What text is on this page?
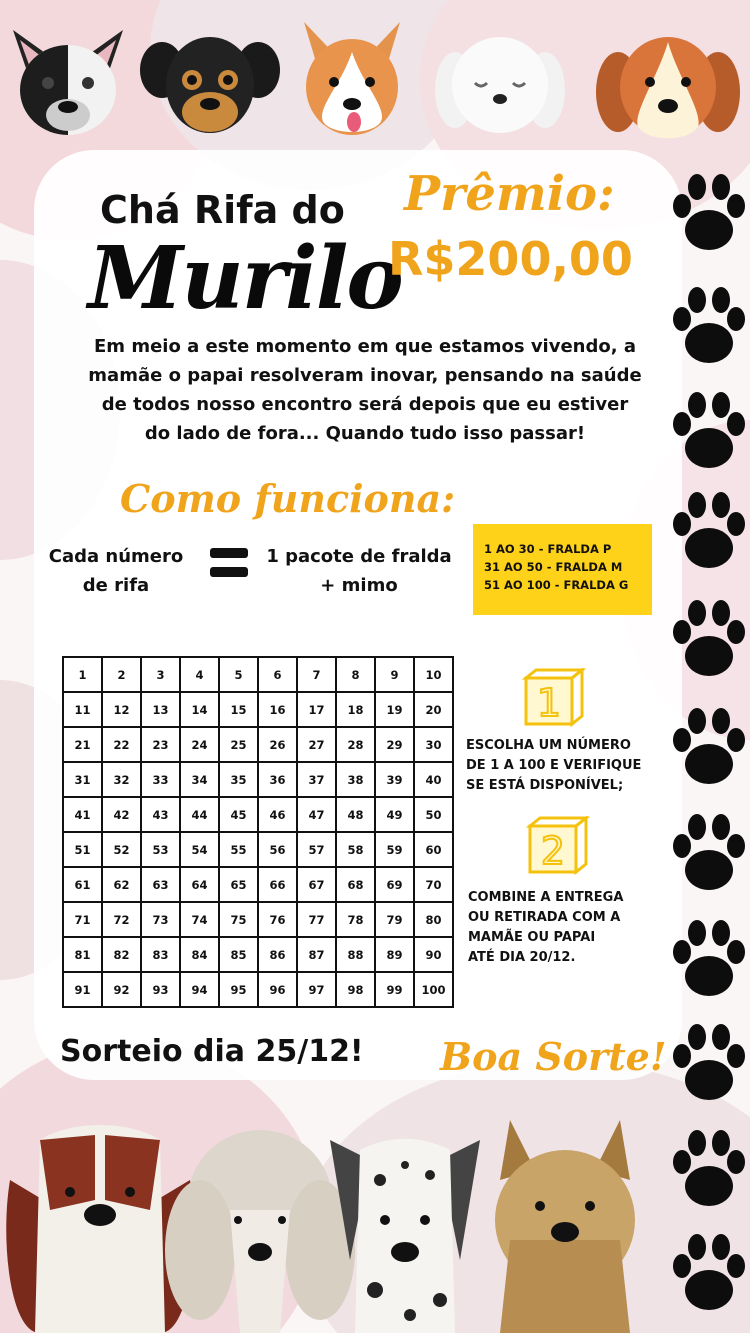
Chá Rifa do
Murilo
Prêmio:
R$200,00
Em meio a este momento em que estamos vivendo, a
mamãe o papai resolveram inovar, pensando na saúde
de todos nosso encontro será depois que eu estiver
do lado de fora... Quando tudo isso passar!
Como funciona:
Cada número
de rifa
1 pacote de fralda
+ mimo
1 AO 30 - FRALDA P
31 AO 50 - FRALDA M
51 AO 100 - FRALDA G
1	2	3	4	5	6	7	8	9	10
11	12	13	14	15	16	17	18	19	20
21	22	23	24	25	26	27	28	29	30
31	32	33	34	35	36	37	38	39	40
41	42	43	44	45	46	47	48	49	50
51	52	53	54	55	56	57	58	59	60
61	62	63	64	65	66	67	68	69	70
71	72	73	74	75	76	77	78	79	80
81	82	83	84	85	86	87	88	89	90
91	92	93	94	95	96	97	98	99	100
1
ESCOLHA UM NÚMERO
DE 1 A 100 E VERIFIQUE
SE ESTÁ DISPONÍVEL;
2
COMBINE A ENTREGA
OU RETIRADA COM A
MAMÃE OU PAPAI
ATÉ DIA 20/12.
Sorteio dia 25/12! Boa Sorte!
